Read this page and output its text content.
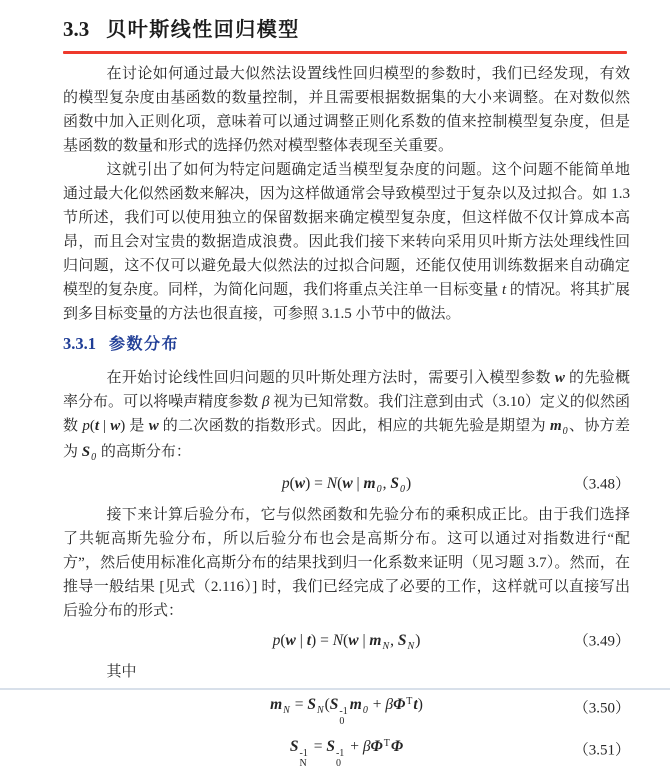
3.3 贝叶斯线性回归模型

在讨论如何通过最大似然法设置线性回归模型的参数时，我们已经发现，有效的模型复杂度由基函数的数量控制，并且需要根据数据集的大小来调整。在对数似然函数中加入正则化项，意味着可以通过调整正则化系数的值来控制模型复杂度，但是基函数的数量和形式的选择仍然对模型整体表现至关重要。

这就引出了如何为特定问题确定适当模型复杂度的问题。这个问题不能简单地通过最大化似然函数来解决，因为这样做通常会导致模型过于复杂以及过拟合。如 1.3 节所述，我们可以使用独立的保留数据来确定模型复杂度，但这样做不仅计算成本高昂，而且会对宝贵的数据造成浪费。因此我们接下来转向采用贝叶斯方法处理线性回归问题，这不仅可以避免最大似然法的过拟合问题，还能仅使用训练数据来自动确定模型的复杂度。同样，为简化问题，我们将重点关注单一目标变量 t 的情况。将其扩展到多目标变量的方法也很直接，可参照 3.1.5 小节中的做法。

3.3.1 参数分布

在开始讨论线性回归问题的贝叶斯处理方法时，需要引入模型参数 w 的先验概率分布。可以将噪声精度参数 β 视为已知常数。我们注意到由式（3.10）定义的似然函数 p(t | w) 是 w 的二次函数的指数形式。因此，相应的共轭先验是期望为 $m_0$、协方差为 $S_0$ 的高斯分布：

p(w) = N(w | $m_0$, $S_0$)	（3.48）

接下来计算后验分布，它与似然函数和先验分布的乘积成正比。由于我们选择了共轭高斯先验分布，所以后验分布也会是高斯分布。这可以通过对指数进行“配方”，然后使用标准化高斯分布的结果找到归一化系数来证明（见习题 3.7）。然而，在推导一般结果 [见式（2.116）] 时，我们已经完成了必要的工作，这样就可以直接写出后验分布的形式：

p(w | t) = N(w | $m_N$, $S_N$)	（3.49）

其中

$m_N = S_N(S$ -1
0
$m_0 + \beta\Phi^Tt$)	（3.50）
S -1
N
= S -1
0
+ $\beta\Phi^T\Phi$	（3.51）
